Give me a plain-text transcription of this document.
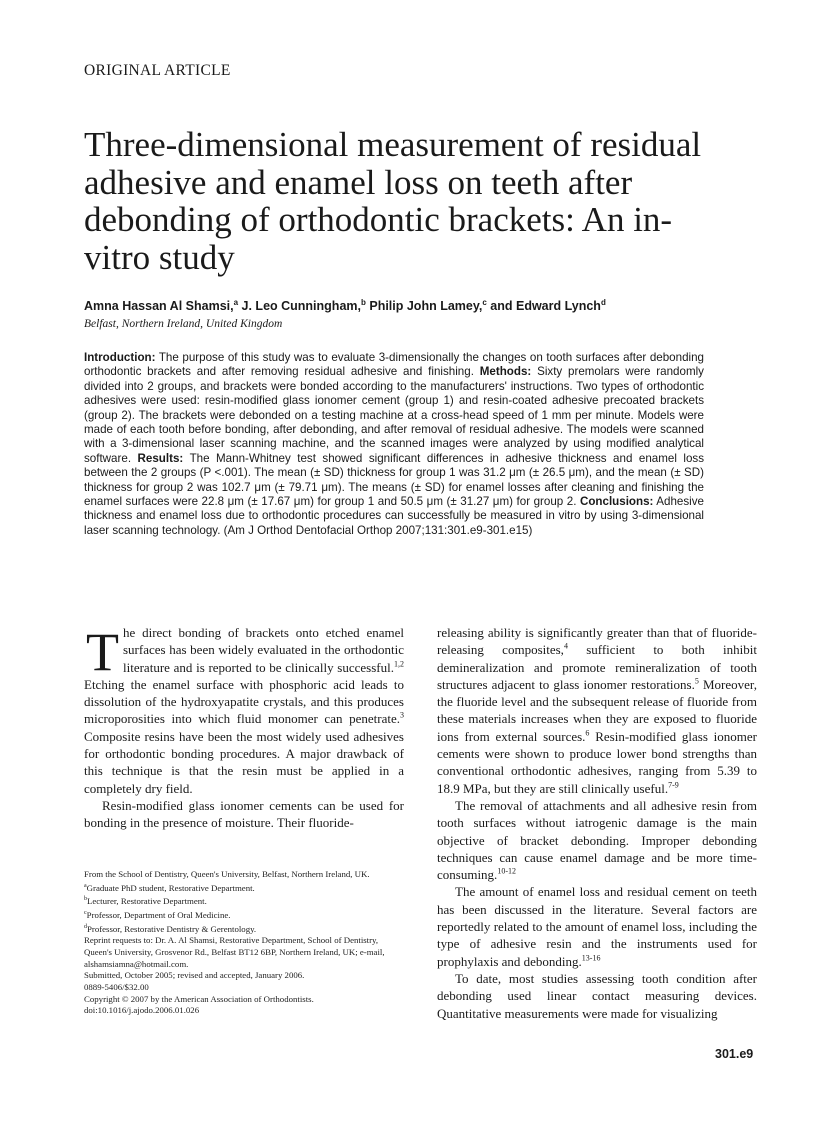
ORIGINAL ARTICLE
Three-dimensional measurement of residual adhesive and enamel loss on teeth after debonding of orthodontic brackets: An in-vitro study
Amna Hassan Al Shamsi,$^a$ J. Leo Cunningham,$^b$ Philip John Lamey,$^c$ and Edward Lynch$^d$
Belfast, Northern Ireland, United Kingdom
Introduction: The purpose of this study was to evaluate 3-dimensionally the changes on tooth surfaces after debonding orthodontic brackets and after removing residual adhesive and finishing. Methods: Sixty premolars were randomly divided into 2 groups, and brackets were bonded according to the manufacturers' instructions. Two types of orthodontic adhesives were used: resin-modified glass ionomer cement (group 1) and resin-coated adhesive precoated brackets (group 2). The brackets were debonded on a testing machine at a cross-head speed of 1 mm per minute. Models were made of each tooth before bonding, after debonding, and after removal of residual adhesive. The models were scanned with a 3-dimensional laser scanning machine, and the scanned images were analyzed by using modified analytical software. Results: The Mann-Whitney test showed significant differences in adhesive thickness and enamel loss between the 2 groups (P <.001). The mean (± SD) thickness for group 1 was 31.2 μm (± 26.5 μm), and the mean (± SD) thickness for group 2 was 102.7 μm (± 79.71 μm). The means (± SD) for enamel losses after cleaning and finishing the enamel surfaces were 22.8 μm (± 17.67 μm) for group 1 and 50.5 μm (± 31.27 μm) for group 2. Conclusions: Adhesive thickness and enamel loss due to orthodontic procedures can successfully be measured in vitro by using 3-dimensional laser scanning technology. (Am J Orthod Dentofacial Orthop 2007;131:301.e9-301.e15)

The direct bonding of brackets onto etched enamel surfaces has been widely evaluated in the orthodontic literature and is reported to be clinically successful.$^{1,2}$ Etching the enamel surface with phosphoric acid leads to dissolution of the hydroxyapatite crystals, and this produces microporosities into which fluid monomer can penetrate.$^3$ Composite resins have been the most widely used adhesives for orthodontic bonding procedures. A major drawback of this technique is that the resin must be applied in a completely dry field.

Resin-modified glass ionomer cements can be used for bonding in the presence of moisture. Their fluoride-

From the School of Dentistry, Queen's University, Belfast, Northern Ireland, UK.
$^a$Graduate PhD student, Restorative Department.
$^b$Lecturer, Restorative Department.
$^c$Professor, Department of Oral Medicine.
$^d$Professor, Restorative Dentistry & Gerentology.
Reprint requests to: Dr. A. Al Shamsi, Restorative Department, School of Dentistry, Queen's University, Grosvenor Rd., Belfast BT12 6BP, Northern Ireland, UK; e-mail, alshamsiamna@hotmail.com.
Submitted, October 2005; revised and accepted, January 2006.
0889-5406/$32.00
Copyright © 2007 by the American Association of Orthodontists.
doi:10.1016/j.ajodo.2006.01.026

releasing ability is significantly greater than that of fluoride-releasing composites,$^4$ sufficient to both inhibit demineralization and promote remineralization of tooth structures adjacent to glass ionomer restorations.$^5$ Moreover, the fluoride level and the subsequent release of fluoride from these materials increases when they are exposed to fluoride ions from external sources.$^6$ Resin-modified glass ionomer cements were shown to produce lower bond strengths than conventional orthodontic adhesives, ranging from 5.39 to 18.9 MPa, but they are still clinically useful.$^{7-9}$

The removal of attachments and all adhesive resin from tooth surfaces without iatrogenic damage is the main objective of bracket debonding. Improper debonding techniques can cause enamel damage and be more time-consuming.$^{10-12}$

The amount of enamel loss and residual cement on teeth has been discussed in the literature. Several factors are reportedly related to the amount of enamel loss, including the type of adhesive resin and the instruments used for prophylaxis and debonding.$^{13-16}$

To date, most studies assessing tooth condition after debonding used linear contact measuring devices. Quantitative measurements were made for visualizing

301.e9
